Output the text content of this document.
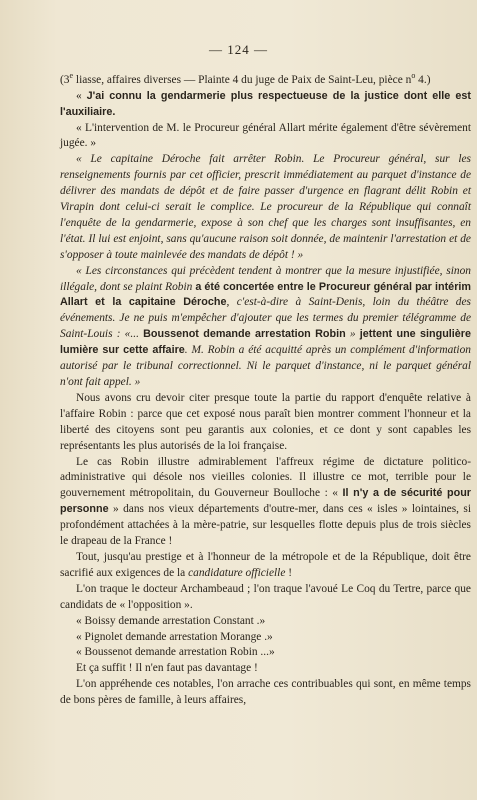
— 124 —

(3e liasse, affaires diverses — Plainte 4 du juge de Paix de Saint-Leu, pièce $n^o$ 4.)

« J'ai connu la gendarmerie plus respectueuse de la justice dont elle est l'auxiliaire.

« L'intervention de M. le Procureur général Allart mérite également d'être sévèrement jugée. »

« Le capitaine Déroche fait arrêter Robin. Le Procureur général, sur les renseignements fournis par cet officier, prescrit immédiatement au parquet d'instance de délivrer des mandats de dépôt et de faire passer d'urgence en flagrant délit Robin et Virapin dont celui-ci serait le complice. Le procureur de la République qui connaît l'enquête de la gendarmerie, expose à son chef que les charges sont insuffisantes, en l'état. Il lui est enjoint, sans qu'aucune raison soit donnée, de maintenir l'arrestation et de s'opposer à toute mainlevée des mandats de dépôt ! »

« Les circonstances qui précèdent tendent à montrer que la mesure injustifiée, sinon illégale, dont se plaint Robin a été concertée entre le Procureur général par intérim Allart et la capitaine Déroche, c'est-à-dire à Saint-Denis, loin du théâtre des événements. Je ne puis m'empêcher d'ajouter que les termes du premier télégramme de Saint-Louis : «... Boussenot demande arrestation Robin » jettent une singulière lumière sur cette affaire. M. Robin a été acquitté après un complément d'information autorisé par le tribunal correctionnel. Ni le parquet d'instance, ni le parquet général n'ont fait appel. »

Nous avons cru devoir citer presque toute la partie du rapport d'enquête relative à l'affaire Robin : parce que cet exposé nous paraît bien montrer comment l'honneur et la liberté des citoyens sont peu garantis aux colonies, et ce dont y sont capables les représentants les plus autorisés de la loi française.

Le cas Robin illustre admirablement l'affreux régime de dictature politico-administrative qui désole nos vieilles colonies. Il illustre ce mot, terrible pour le gouvernement métropolitain, du Gouverneur Boulloche : « Il n'y a de sécurité pour personne » dans nos vieux départements d'outre-mer, dans ces « isles » lointaines, si profondément attachées à la mère-patrie, sur lesquelles flotte depuis plus de trois siècles le drapeau de la France !

Tout, jusqu'au prestige et à l'honneur de la métropole et de la République, doit être sacrifié aux exigences de la candidature officielle !

L'on traque le docteur Archambeaud ; l'on traque l'avoué Le Coq du Tertre, parce que candidats de « l'opposition ».

« Boissy demande arrestation Constant .»

« Pignolet demande arrestation Morange .»

« Boussenot demande arrestation Robin ...»

Et ça suffit ! Il n'en faut pas davantage !

L'on appréhende ces notables, l'on arrache ces contribuables qui sont, en même temps de bons pères de famille, à leurs affaires,
